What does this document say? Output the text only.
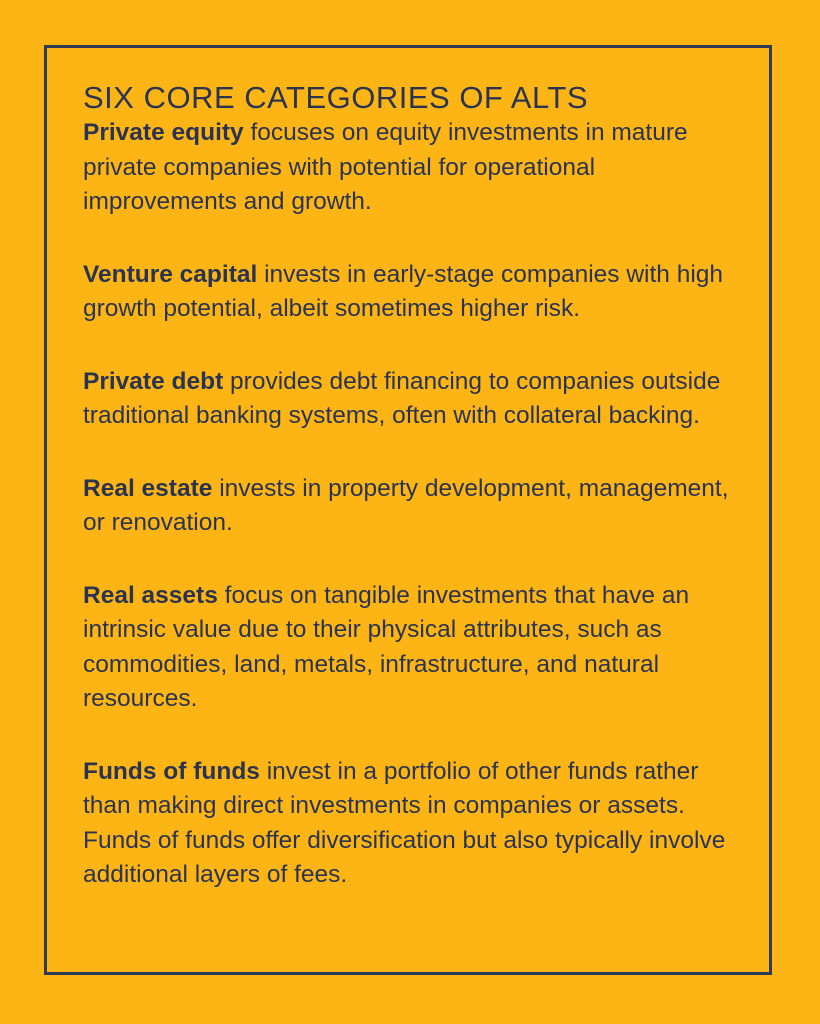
SIX CORE CATEGORIES OF ALTS

Private equity focuses on equity investments in mature private companies with potential for operational improvements and growth.

Venture capital invests in early-stage companies with high growth potential, albeit sometimes higher risk.

Private debt provides debt financing to companies outside traditional banking systems, often with collateral backing.

Real estate invests in property development, management, or renovation.

Real assets focus on tangible investments that have an intrinsic value due to their physical attributes, such as commodities, land, metals, infrastructure, and natural resources.

Funds of funds invest in a portfolio of other funds rather than making direct investments in companies or assets. Funds of funds offer diversification but also typically involve additional layers of fees.
